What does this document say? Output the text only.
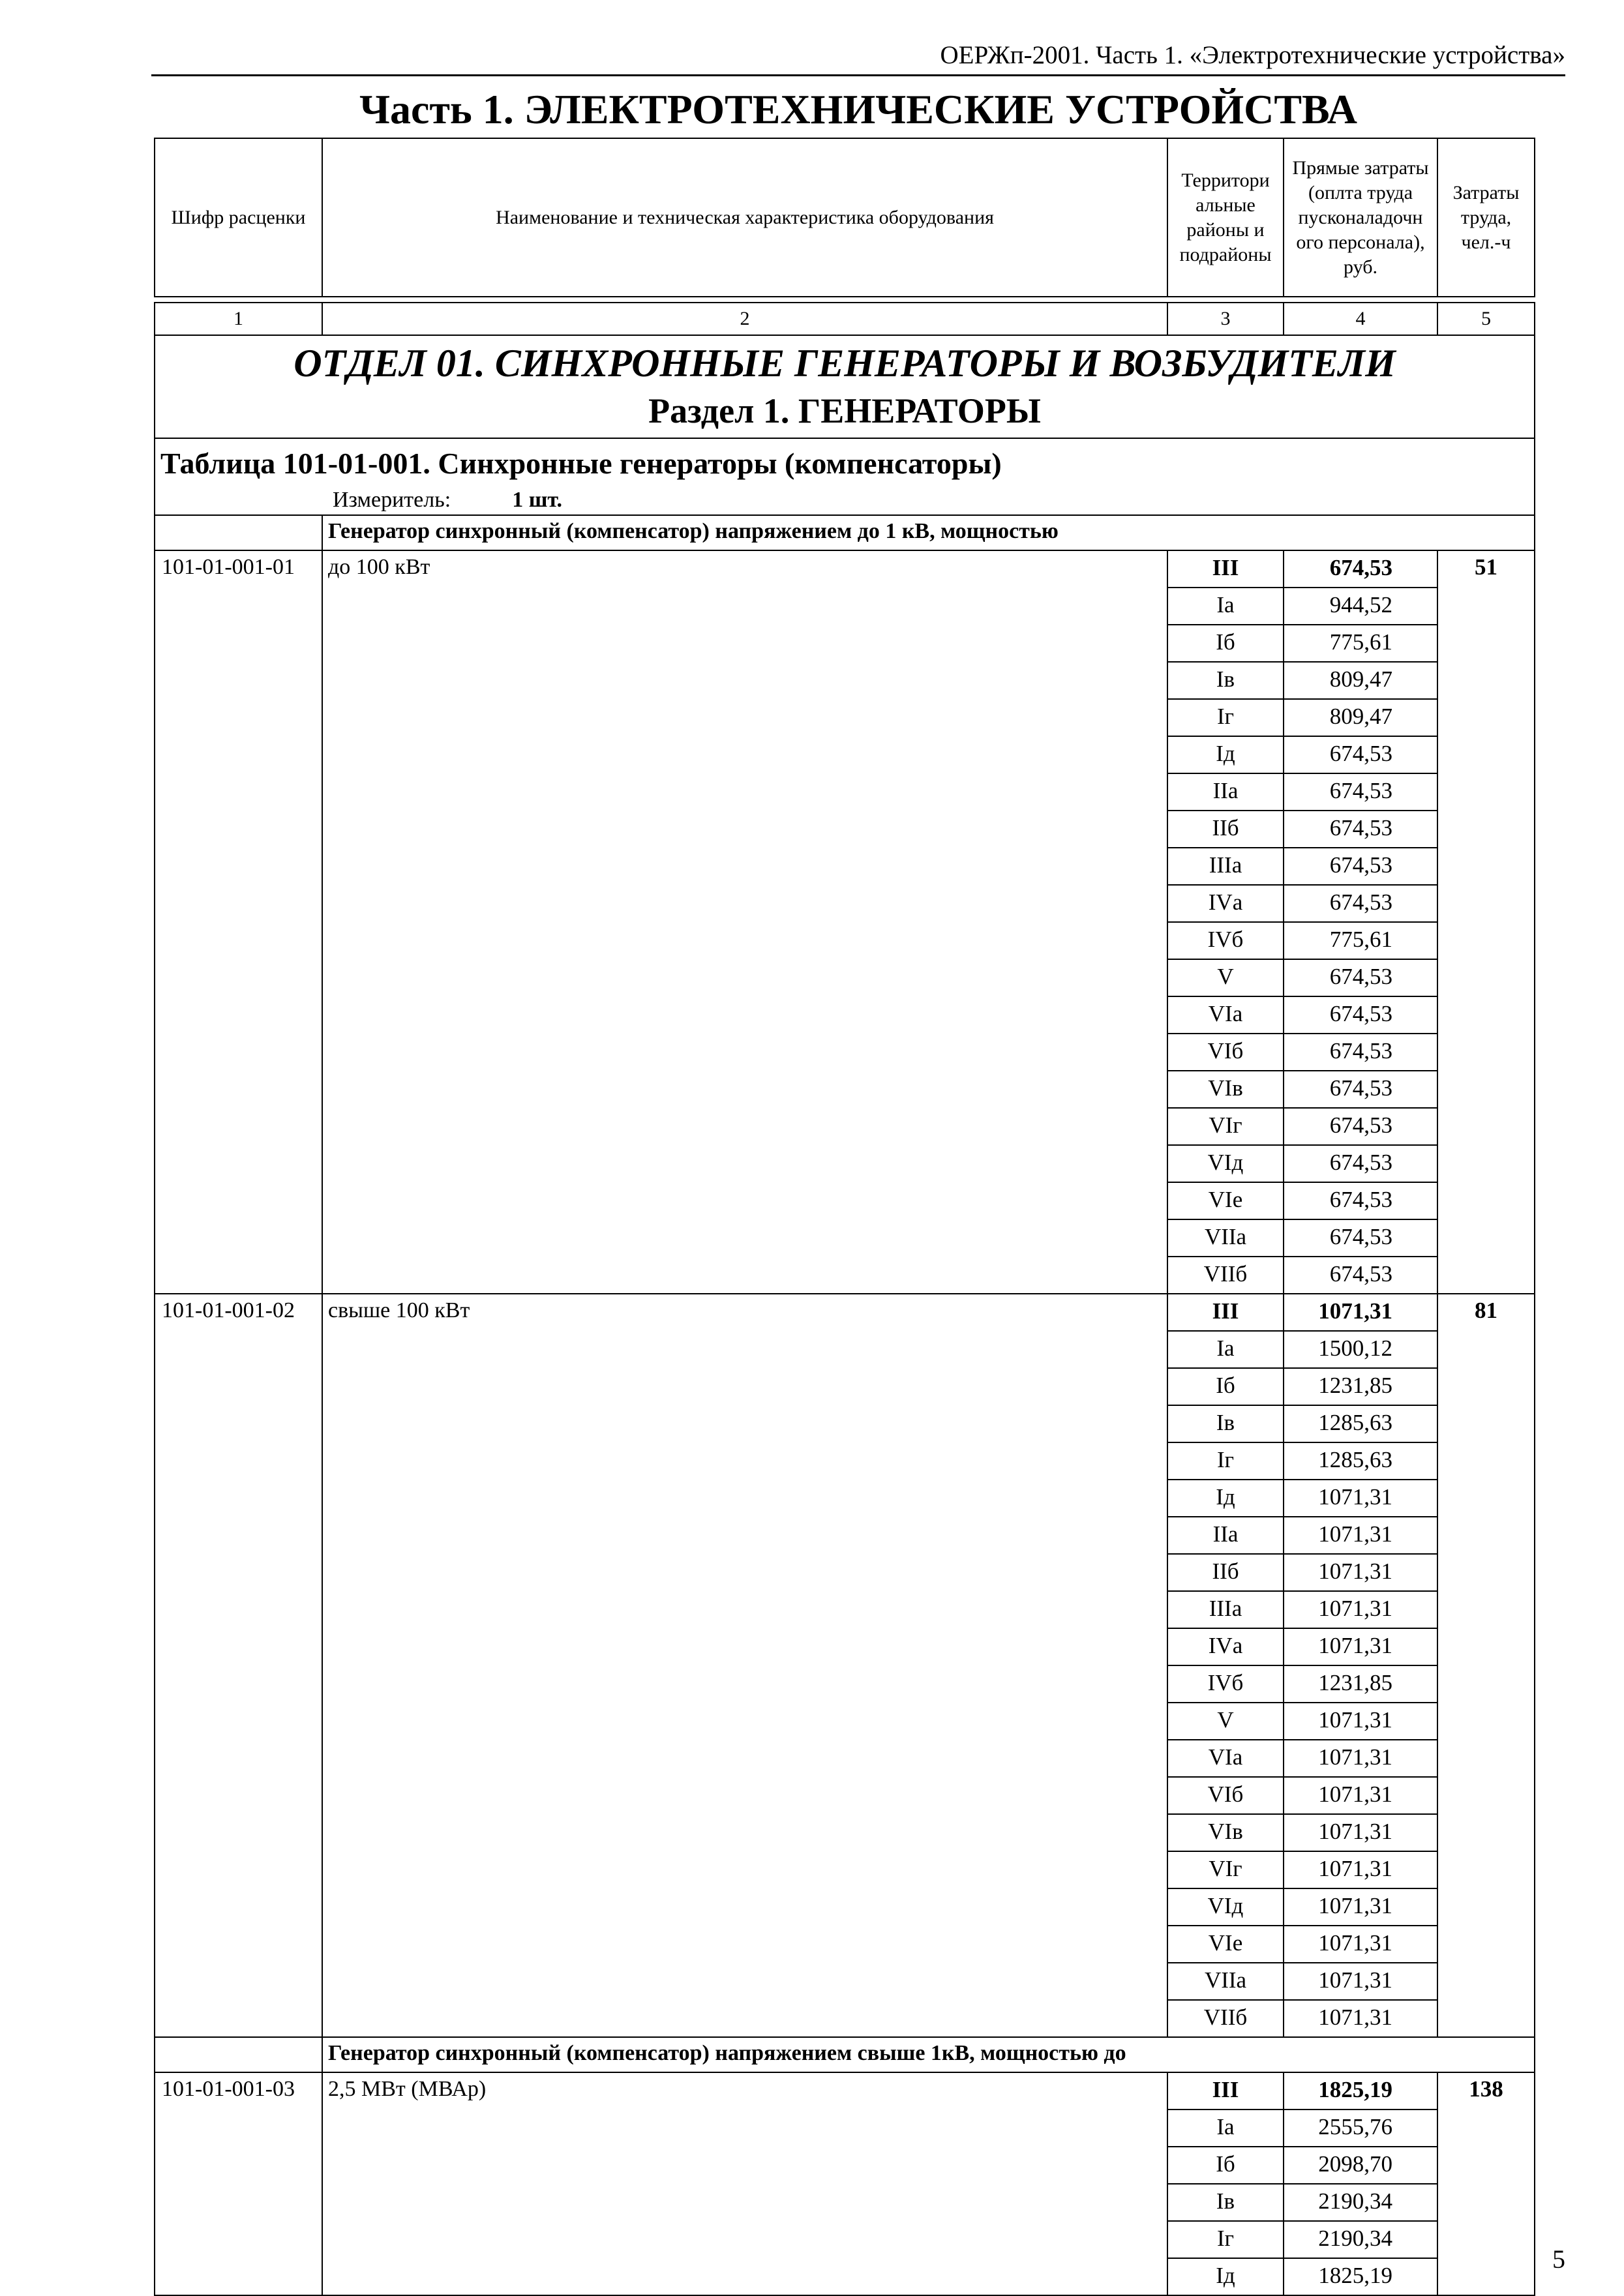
ОЕРЖп-2001. Часть 1. «Электротехнические устройства»
Часть 1. ЭЛЕКТРОТЕХНИЧЕСКИЕ УСТРОЙСТВА
Шифр расценки	Наименование и техническая характеристика оборудования	Территори альные районы и подрайоны	Прямые затраты (оплта труда пусконаладочн ого персонала), руб.	Затраты труда, чел.-ч
1	2	3	4	5

ОТДЕЛ 01. СИНХРОННЫЕ ГЕНЕРАТОРЫ И ВОЗБУДИТЕЛИ
Раздел 1. ГЕНЕРАТОРЫ				

Таблица 101-01-001. Синхронные генераторы (компенсаторы)
Измеритель: 1 шт.				

	Генератор синхронный (компенсатор) напряжением до 1 кВ, мощностью			
101-01-001-01	до 100 кВт	III	674,53	51
		Iа	944,52	
		Iб	775,61	
		Iв	809,47	
		Iг	809,47	
		Iд	674,53	
		IIа	674,53	
		IIб	674,53	
		IIIа	674,53	
		IVа	674,53	
		IVб	775,61	
		V	674,53	
		VIа	674,53	
		VIб	674,53	
		VIв	674,53	
		VIг	674,53	
		VIд	674,53	
		VIе	674,53	
		VIIа	674,53	
		VIIб	674,53	
101-01-001-02	свыше 100 кВт	III	1071,31	81
		Iа	1500,12	
		Iб	1231,85	
		Iв	1285,63	
		Iг	1285,63	
		Iд	1071,31	
		IIа	1071,31	
		IIб	1071,31	
		IIIа	1071,31	
		IVа	1071,31	
		IVб	1231,85	
		V	1071,31	
		VIа	1071,31	
		VIб	1071,31	
		VIв	1071,31	
		VIг	1071,31	
		VIд	1071,31	
		VIе	1071,31	
		VIIа	1071,31	
		VIIб	1071,31	
	Генератор синхронный (компенсатор) напряжением свыше 1кВ, мощностью до			
101-01-001-03	2,5 МВт (МВАр)	III	1825,19	138
		Iа	2555,76	
		Iб	2098,70	
		Iв	2190,34	
		Iг	2190,34	
		Iд	1825,19	
5
